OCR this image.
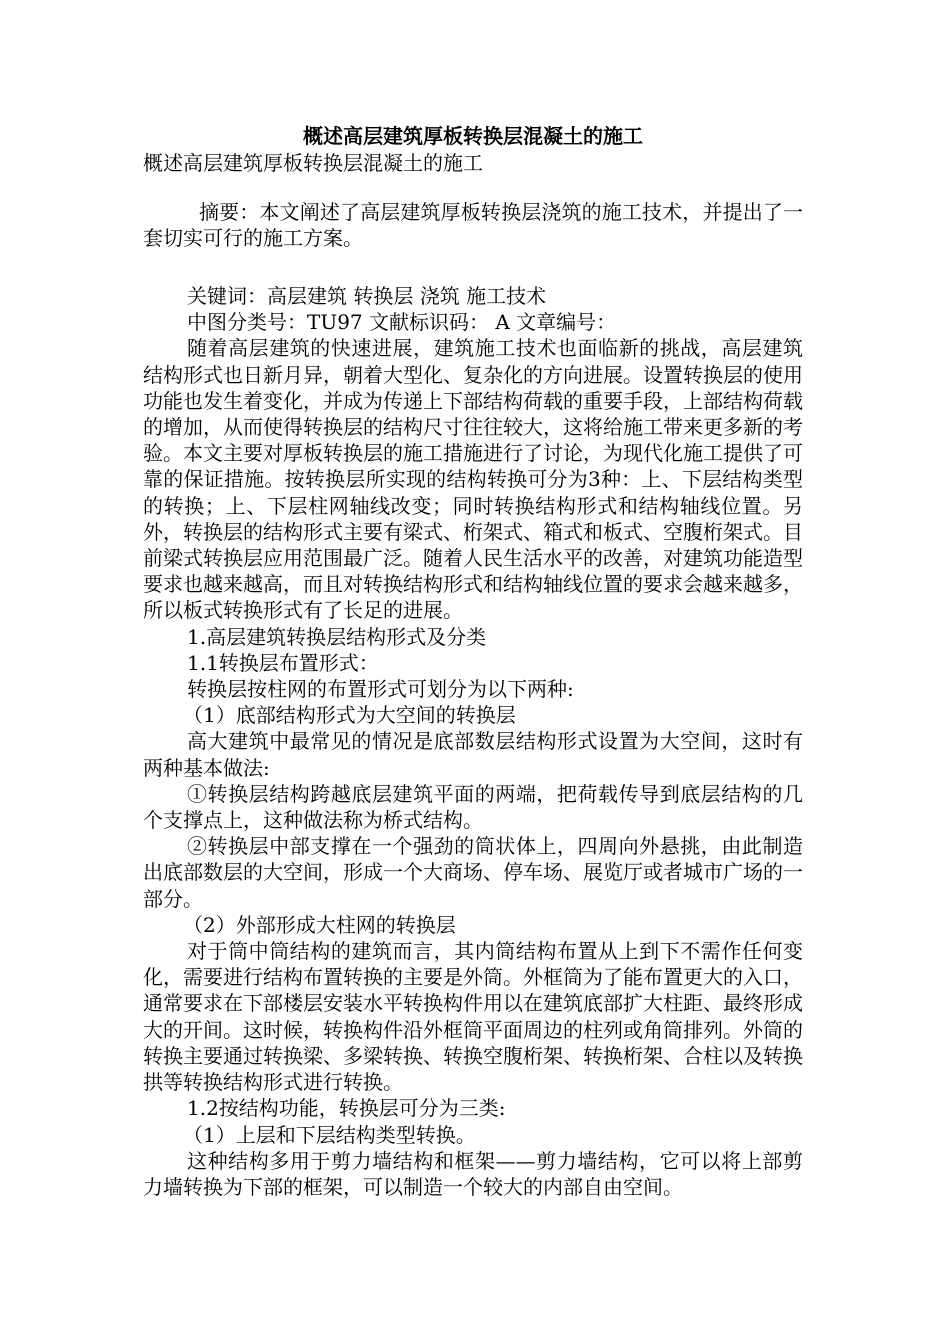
概述高层建筑厚板转换层混凝土的施工

概述高层建筑厚板转换层混凝土的施工

摘要：本文阐述了高层建筑厚板转换层浇筑的施工技术，并提出了一套切实可行的施工方案。

关键词：高层建筑 转换层 浇筑 施工技术

中图分类号：TU97 文献标识码： A 文章编号：

随着高层建筑的快速进展，建筑施工技术也面临新的挑战，高层建筑结构形式也日新月异，朝着大型化、复杂化的方向进展。设置转换层的使用功能也发生着变化，并成为传递上下部结构荷载的重要手段，上部结构荷载的增加，从而使得转换层的结构尺寸往往较大，这将给施工带来更多新的考验。本文主要对厚板转换层的施工措施进行了讨论，为现代化施工提供了可靠的保证措施。按转换层所实现的结构转换可分为3种：上、下层结构类型的转换；上、下层柱网轴线改变；同时转换结构形式和结构轴线位置。另外，转换层的结构形式主要有梁式、桁架式、箱式和板式、空腹桁架式。目前梁式转换层应用范围最广泛。随着人民生活水平的改善，对建筑功能造型要求也越来越高，而且对转换结构形式和结构轴线位置的要求会越来越多，所以板式转换形式有了长足的进展。

1.高层建筑转换层结构形式及分类

1.1转换层布置形式：

转换层按柱网的布置形式可划分为以下两种:

（1）底部结构形式为大空间的转换层

高大建筑中最常见的情况是底部数层结构形式设置为大空间，这时有两种基本做法:

①转换层结构跨越底层建筑平面的两端，把荷载传导到底层结构的几个支撑点上，这种做法称为桥式结构。

②转换层中部支撑在一个强劲的筒状体上，四周向外悬挑，由此制造出底部数层的大空间，形成一个大商场、停车场、展览厅或者城市广场的一部分。

（2）外部形成大柱网的转换层

对于筒中筒结构的建筑而言，其内筒结构布置从上到下不需作任何变化，需要进行结构布置转换的主要是外筒。外框筒为了能布置更大的入口，通常要求在下部楼层安装水平转换构件用以在建筑底部扩大柱距、最终形成大的开间。这时候，转换构件沿外框筒平面周边的柱列或角筒排列。外筒的转换主要通过转换梁、多梁转换、转换空腹桁架、转换桁架、合柱以及转换拱等转换结构形式进行转换。

1.2按结构功能，转换层可分为三类:

（1）上层和下层结构类型转换。

这种结构多用于剪力墙结构和框架——剪力墙结构，它可以将上部剪力墙转换为下部的框架，可以制造一个较大的内部自由空间。
